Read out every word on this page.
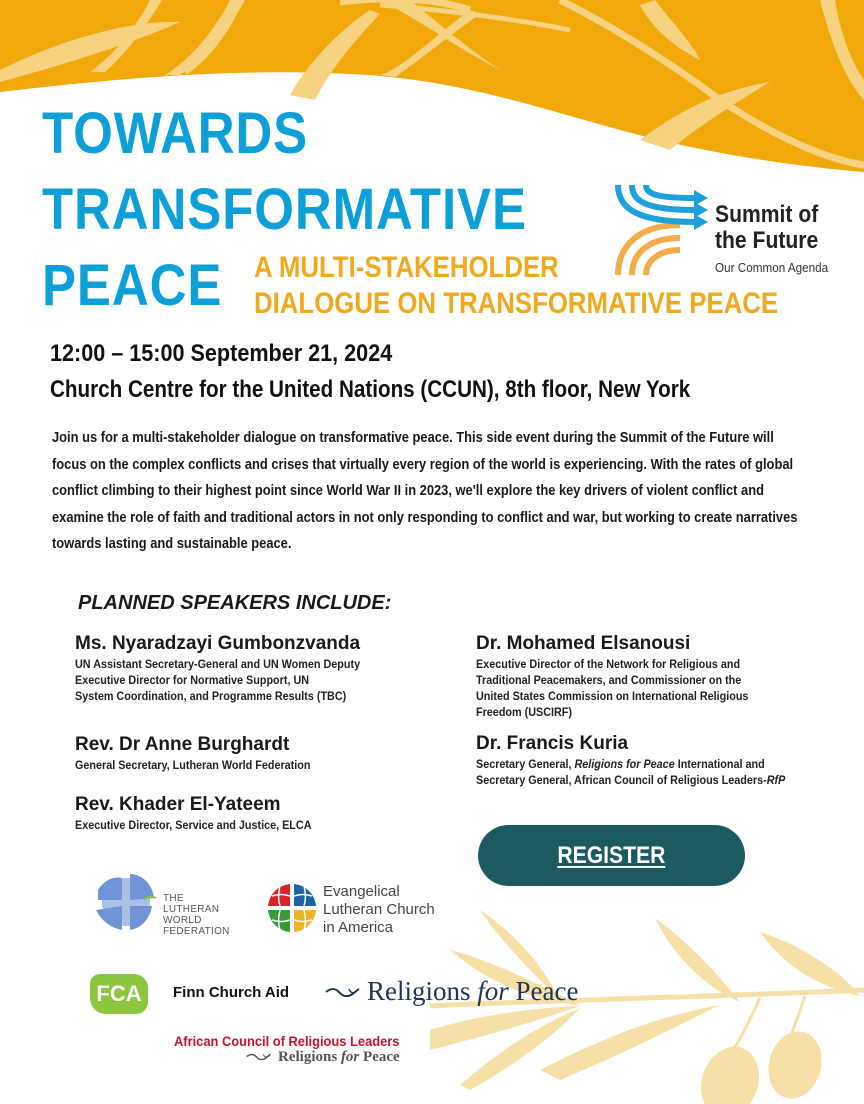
TOWARDS
TRANSFORMATIVE
PEACE	A MULTI-STAKEHOLDER
DIALOGUE ON TRANSFORMATIVE PEACE
Summit of
the Future
Our Common Agenda
12:00 – 15:00 September 21, 2024
Church Centre for the United Nations (CCUN), 8th floor, New York

Join us for a multi-stakeholder dialogue on transformative peace. This side event during the Summit of the Future will focus on the complex conflicts and crises that virtually every region of the world is experiencing. With the rates of global conflict climbing to their highest point since World War II in 2023, we'll explore the key drivers of violent conflict and examine the role of faith and traditional actors in not only responding to conflict and war, but working to create narratives towards lasting and sustainable peace.

PLANNED SPEAKERS INCLUDE:
Ms. Nyaradzayi Gumbonzvanda
UN Assistant Secretary-General and UN Women Deputy
Executive Director for Normative Support, UN
System Coordination, and Programme Results (TBC)
Rev. Dr Anne Burghardt
General Secretary, Lutheran World Federation
Rev. Khader El-Yateem
Executive Director, Service and Justice, ELCA
Dr. Mohamed Elsanousi
Executive Director of the Network for Religious and
Traditional Peacemakers, and Commissioner on the
United States Commission on International Religious
Freedom (USCIRF)
Dr. Francis Kuria
Secretary General, Religions for Peace International and
Secretary General, African Council of Religious Leaders-RfP
REGISTER
THE
LUTHERAN
WORLD
FEDERATION
Evangelical
Lutheran Church
in America
FCA	Finn Church Aid	Religions for Peace
African Council of Religious Leaders
Religions for Peace
